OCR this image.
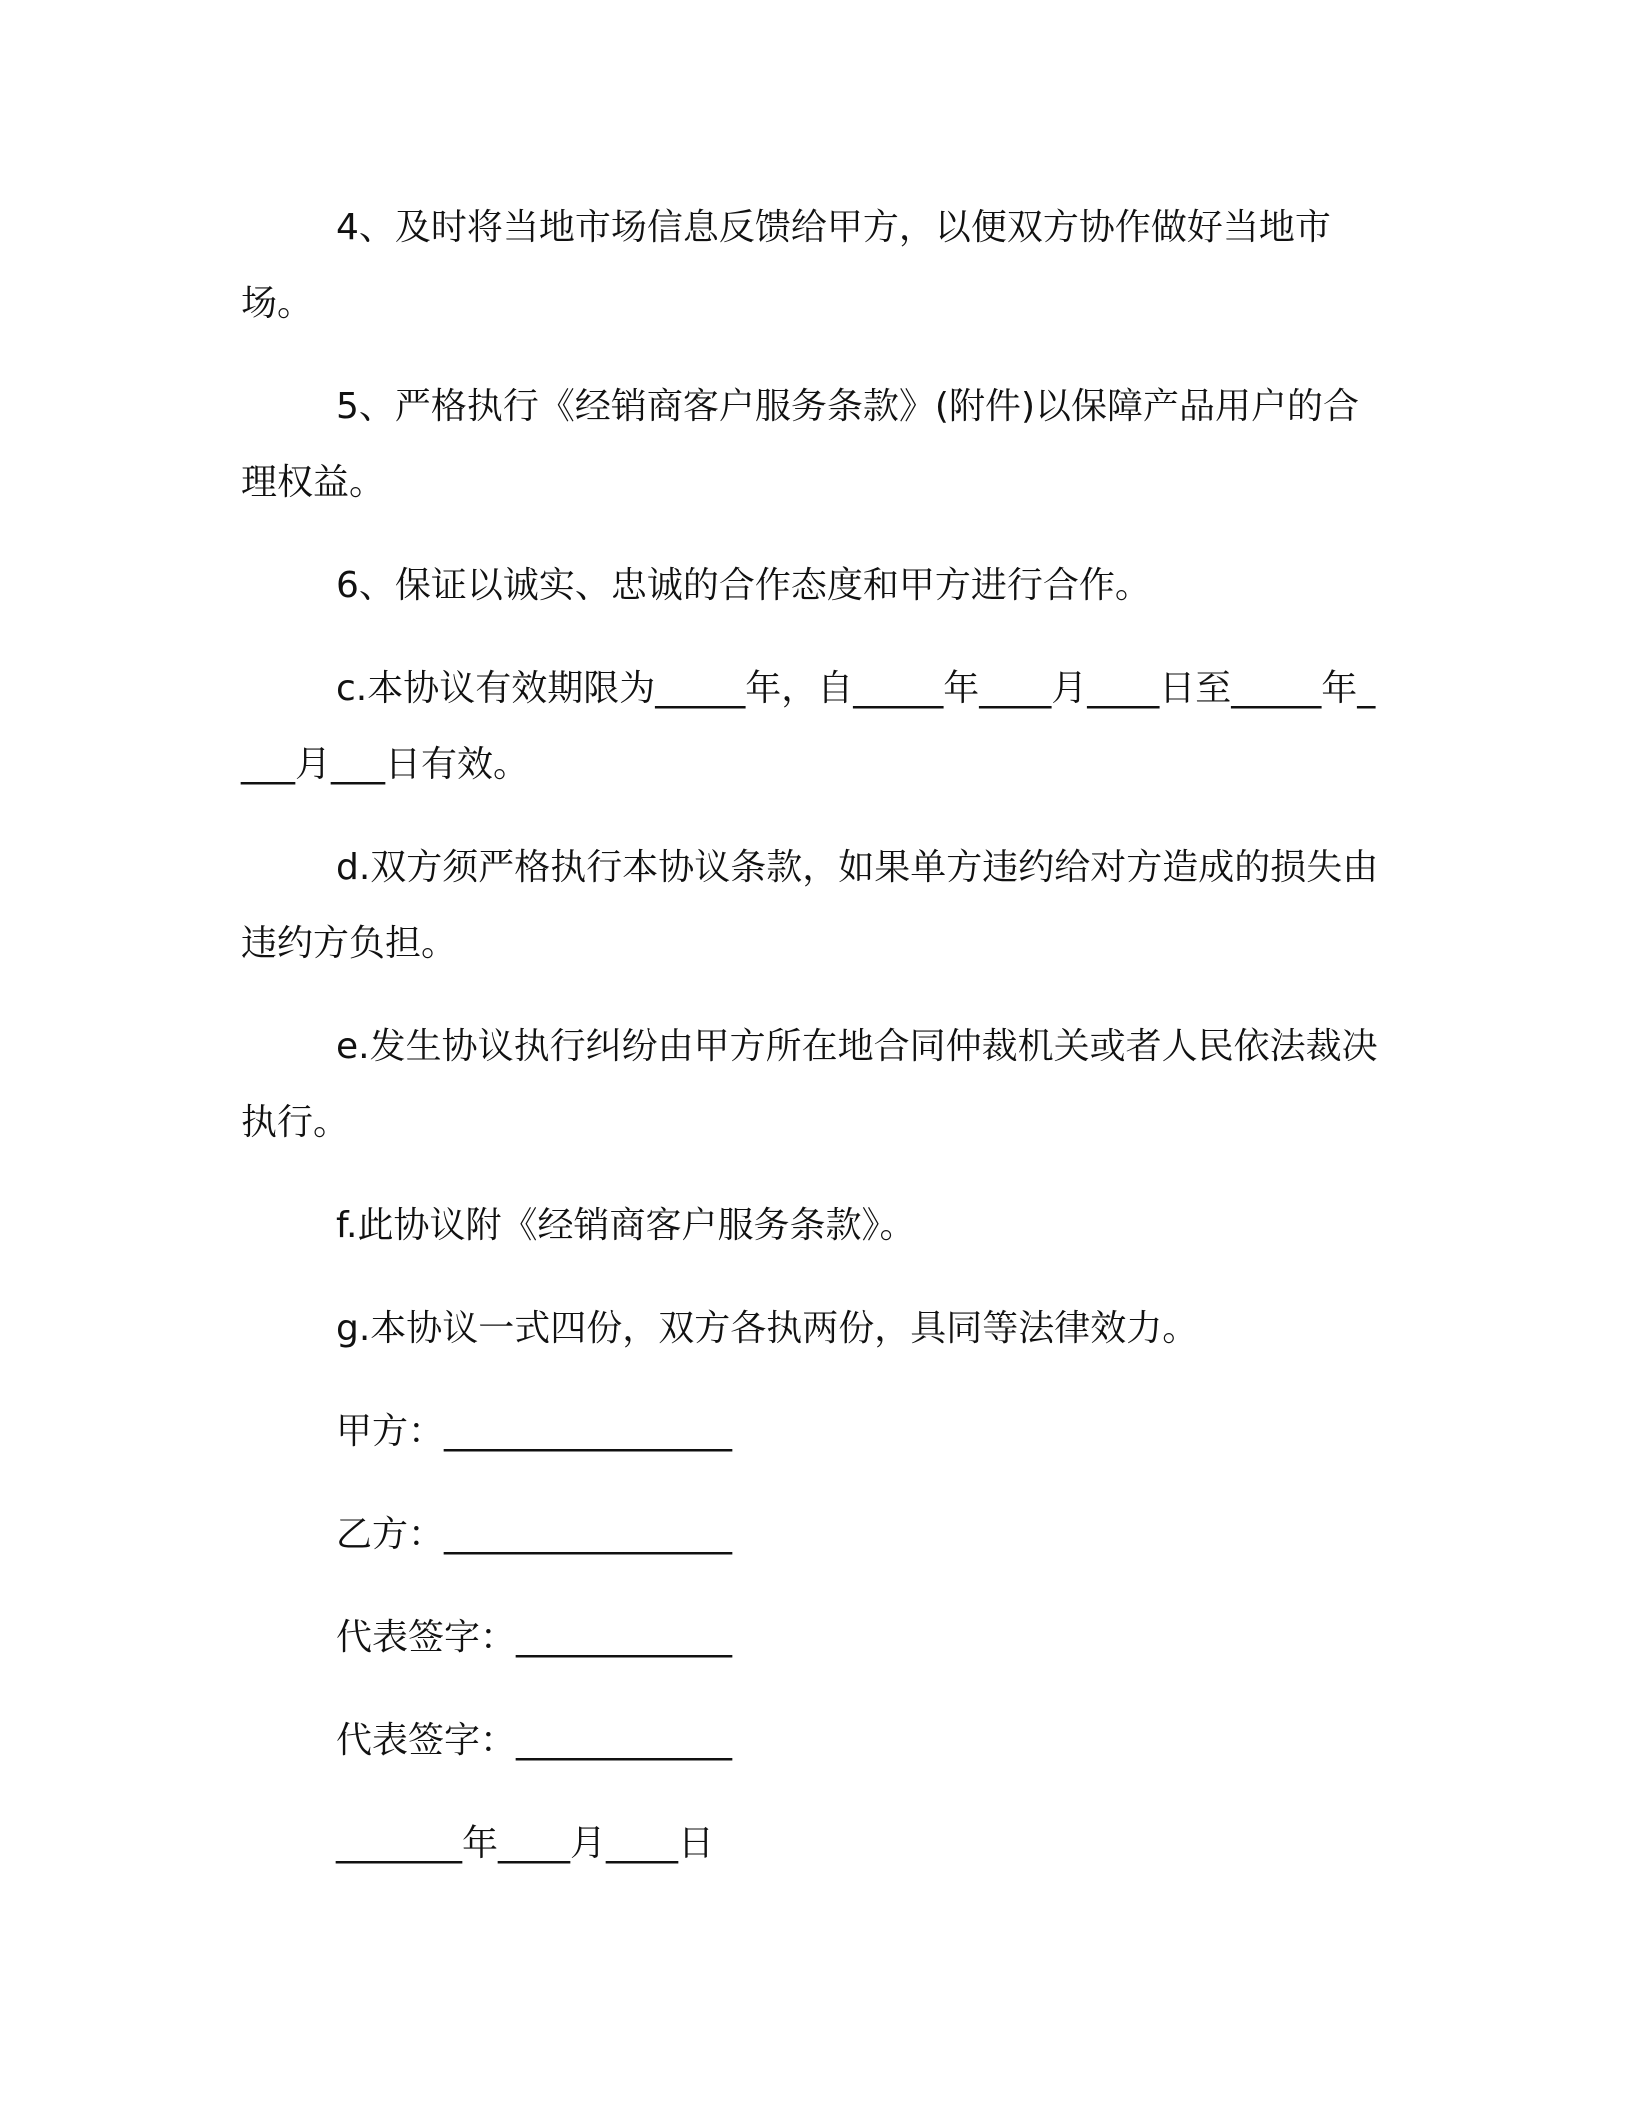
4、及时将当地市场信息反馈给甲方，以便双方协作做好当地市场。

5、严格执行《经销商客户服务条款》(附件)以保障产品用户的合理权益。

6、保证以诚实、忠诚的合作态度和甲方进行合作。

c.本协议有效期限为_____年，自_____年____月____日至_____年____月___日有效。

d.双方须严格执行本协议条款，如果单方违约给对方造成的损失由违约方负担。

e.发生协议执行纠纷由甲方所在地合同仲裁机关或者人民依法裁决执行。

f.此协议附《经销商客户服务条款》。

g.本协议一式四份，双方各执两份，具同等法律效力。

甲方：________________

乙方：________________

代表签字：____________

代表签字：____________

_______年____月____日
